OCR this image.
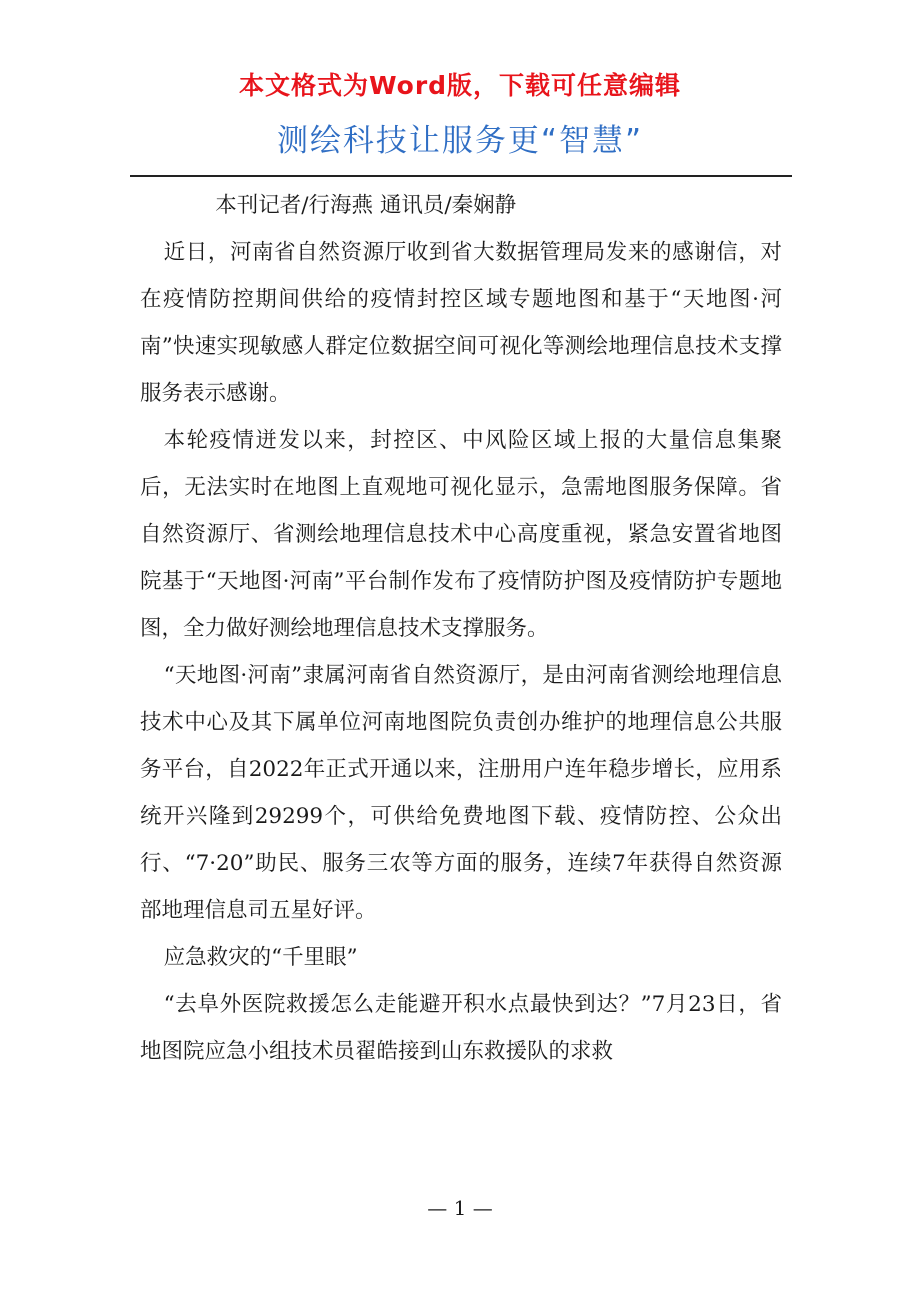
本文格式为Word版，下载可任意编辑
测绘科技让服务更“智慧”

本刊记者/行海燕 通讯员/秦娴静

近日，河南省自然资源厅收到省大数据管理局发来的感谢信，对在疫情防控期间供给的疫情封控区域专题地图和基于“天地图·河南”快速实现敏感人群定位数据空间可视化等测绘地理信息技术支撑服务表示感谢。

本轮疫情迸发以来，封控区、中风险区域上报的大量信息集聚后，无法实时在地图上直观地可视化显示，急需地图服务保障。省自然资源厅、省测绘地理信息技术中心高度重视，紧急安置省地图院基于“天地图·河南”平台制作发布了疫情防护图及疫情防护专题地图，全力做好测绘地理信息技术支撑服务。

“天地图·河南”隶属河南省自然资源厅，是由河南省测绘地理信息技术中心及其下属单位河南地图院负责创办维护的地理信息公共服务平台，自2022年正式开通以来，注册用户连年稳步增长，应用系统开兴隆到29299个，可供给免费地图下载、疫情防控、公众出行、“7·20”助民、服务三农等方面的服务，连续7年获得自然资源部地理信息司五星好评。

应急救灾的“千里眼”

“去阜外医院救援怎么走能避开积水点最快到达？”7月23日，省地图院应急小组技术员翟皓接到山东救援队的求救

— 1 —
